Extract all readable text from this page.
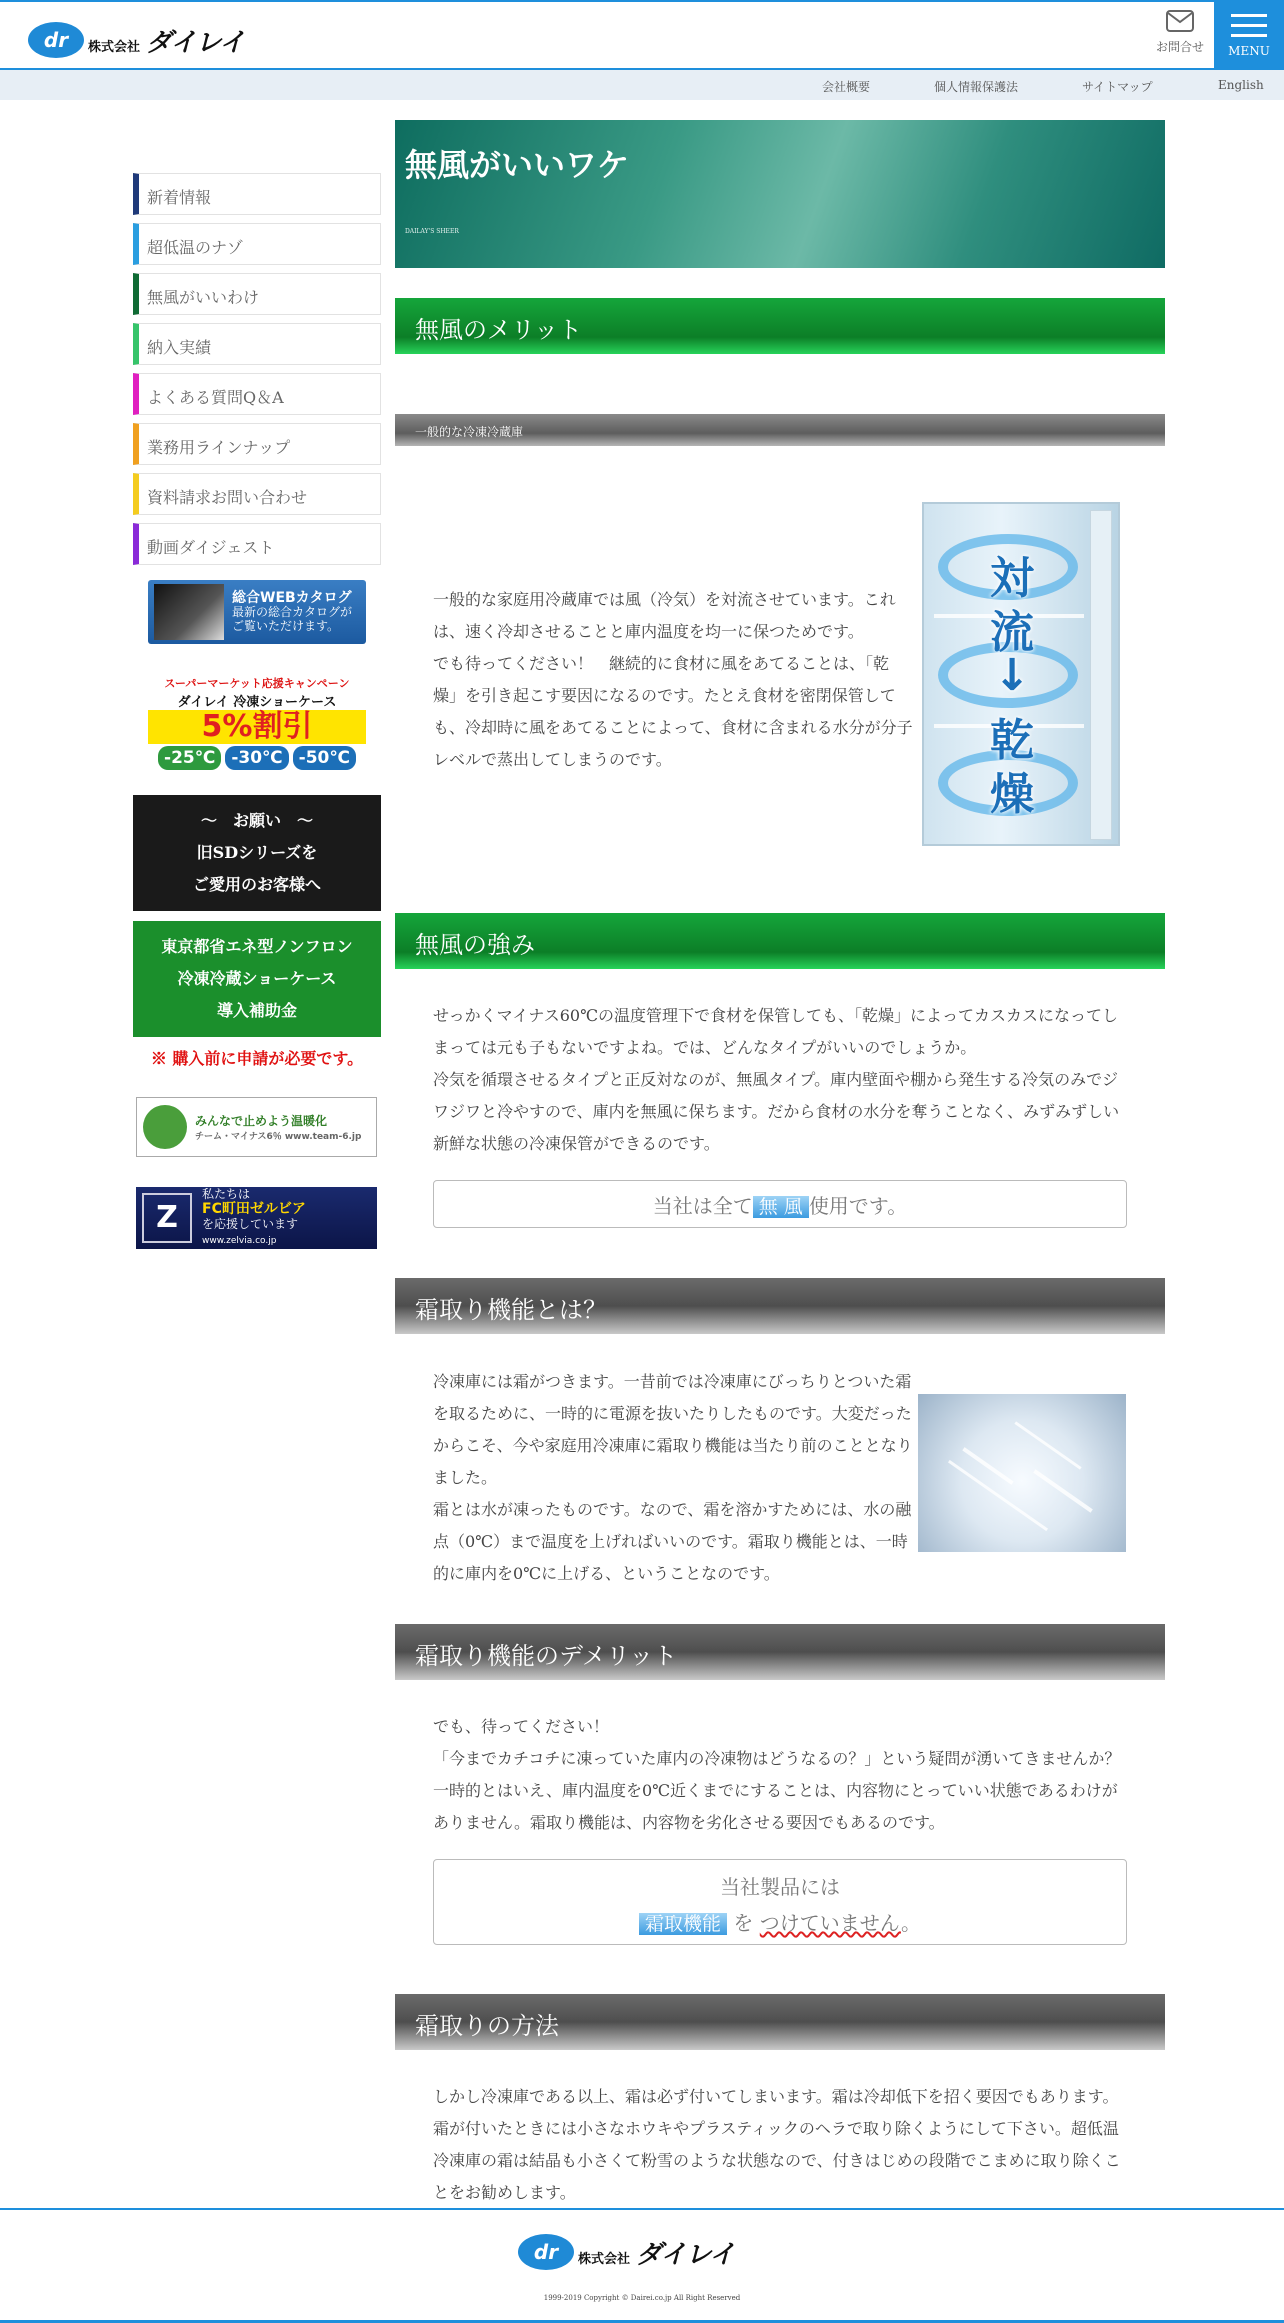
dr	株式会社 ダイレイ	お問合せ	MENU
会社概要	個人情報保護法	サイトマップ	English
新着情報
超低温のナゾ
無風がいいわけ
納入実績
よくある質問Q＆A
業務用ラインナップ
資料請求お問い合わせ
動画ダイジェスト
総合WEBカタログ
最新の総合カタログが
ご覧いただけます。
スーパーマーケット応援キャンペーン
ダイレイ 冷凍ショーケース
5%割引
-25℃ -30℃ -50℃
～　お願い　～
旧SDシリーズを
ご愛用のお客様へ
東京都省エネ型ノンフロン
冷凍冷蔵ショーケース
導入補助金
※ 購入前に申請が必要です。
みんなで止めよう温暖化
チーム・マイナス6％ www.team-6.jp
Z
私たちは
FC町田ゼルビア
を応援しています
www.zelvia.co.jp
無風がいいワケ
DAILAY'S SHEER
無風のメリット
一般的な冷凍冷蔵庫
一般的な家庭用冷蔵庫では風（冷気）を対流させています。これ
は、速く冷却させることと庫内温度を均一に保つためです。
でも待ってください！　継続的に食材に風をあてることは、「乾
燥」を引き起こす要因になるのです。たとえ食材を密閉保管して
も、冷却時に風をあてることによって、食材に含まれる水分が分子
レベルで蒸出してしまうのです。
対
流
↓
乾
燥
無風の強み
せっかくマイナス60℃の温度管理下で食材を保管しても、「乾燥」によってカスカスになってし
まっては元も子もないですよね。では、どんなタイプがいいのでしょうか。
冷気を循環させるタイプと正反対なのが、無風タイプ。庫内壁面や棚から発生する冷気のみでジ
ワジワと冷やすので、庫内を無風に保ちます。だから食材の水分を奪うことなく、みずみずしい
新鮮な状態の冷凍保管ができるのです。
当社は全て 無 風 使用です。
霜取り機能とは？
冷凍庫には霜がつきます。一昔前では冷凍庫にびっちりとついた霜
を取るために、一時的に電源を抜いたりしたものです。大変だった
からこそ、今や家庭用冷凍庫に霜取り機能は当たり前のこととなり
ました。
霜とは水が凍ったものです。なので、霜を溶かすためには、水の融
点（0℃）まで温度を上げればいいのです。霜取り機能とは、一時
的に庫内を0℃に上げる、ということなのです。
霜取り機能のデメリット
でも、待ってください！
「今までカチコチに凍っていた庫内の冷凍物はどうなるの？」という疑問が湧いてきませんか？
一時的とはいえ、庫内温度を0℃近くまでにすることは、内容物にとっていい状態であるわけが
ありません。霜取り機能は、内容物を劣化させる要因でもあるのです。
当社製品には
霜取機能 を つけていません。
霜取りの方法
しかし冷凍庫である以上、霜は必ず付いてしまいます。霜は冷却低下を招く要因でもあります。
霜が付いたときには小さなホウキやプラスティックのヘラで取り除くようにして下さい。超低温
冷凍庫の霜は結晶も小さくて粉雪のような状態なので、付きはじめの段階でこまめに取り除くこ
とをお勧めします。
dr	株式会社 ダイレイ
1999-2019 Copyright © Dairei.co.jp All Right Reserved
